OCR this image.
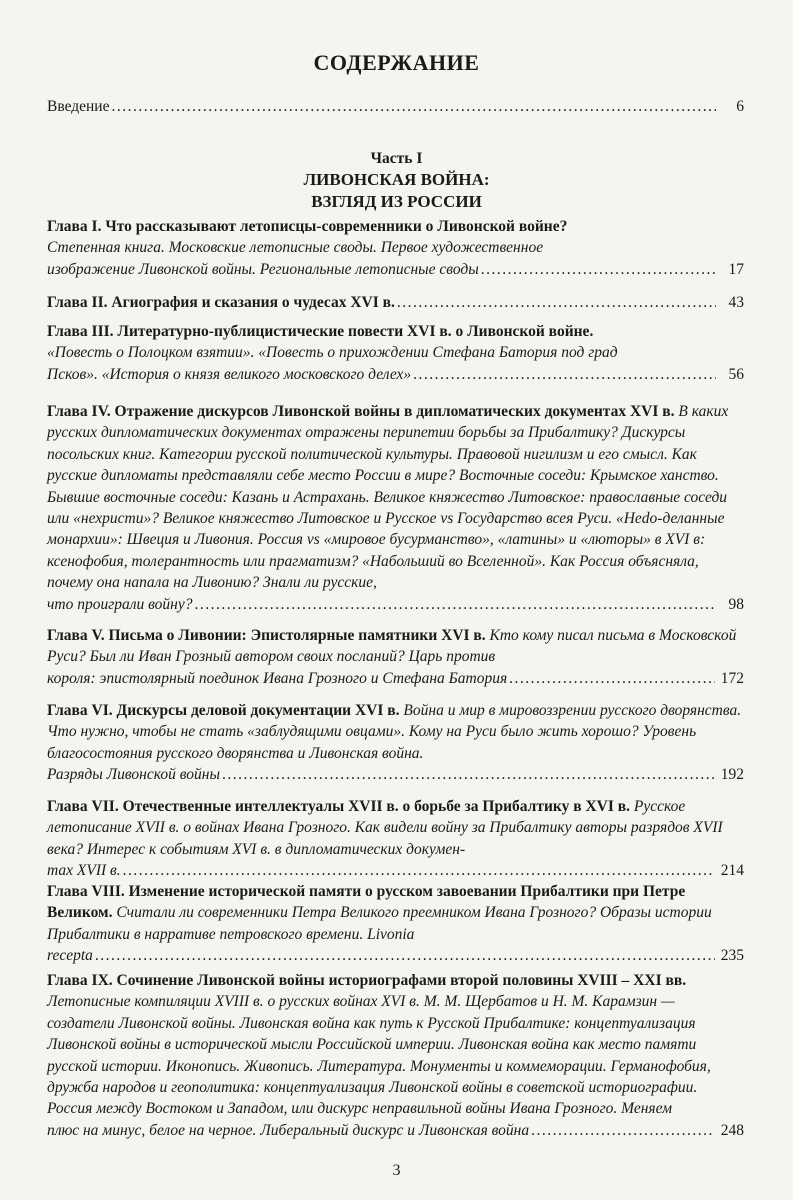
СОДЕРЖАНИЕ
Введение .....	6
Часть I
ЛИВОНСКАЯ ВОЙНА:
ВЗГЛЯД ИЗ РОССИИ
Глава I. Что рассказывают летописцы-современники о Ливонской войне?
Степенная книга. Московские летописные своды. Первое художественное
изображение Ливонской войны. Региональные летописные своды .....	17
Глава II. Агиография и сказания о чудесах XVI в. .....	43
Глава III. Литературно-публицистические повести XVI в. о Ливонской войне.
«Повесть о Полоцком взятии». «Повесть о прихождении Стефана Батория под град
Псков». «История о князя великого московского делех» .....	56
Глава IV. Отражение дискурсов Ливонской войны в дипломатических документах XVI в. В каких русских дипломатических документах отражены перипетии борьбы за Прибалтику? Дискурсы посольских книг. Категории русской политической культуры. Правовой нигилизм и его смысл. Как русские дипломаты представляли себе место России в мире? Восточные соседи: Крымское ханство. Бывшие восточные соседи: Казань и Астрахань. Великое княжество Литовское: православные соседи или «нехристи»? Великое княжество Литовское и Русское vs Государство всея Руси. «Неdo-деланные монархии»: Швеция и Ливония. Россия vs «мировое бусурманство», «латины» и «люторы» в XVI в: ксенофобия, толерантность или прагматизм? «Набольший во Вселенной». Как Россия объясняла, почему она напала на Ливонию? Знали ли русские,
что проиграли войну? .....	98
Глава V. Письма о Ливонии: Эпистолярные памятники XVI в. Кто кому писал письма в Московской Руси? Был ли Иван Грозный автором своих посланий? Царь против
короля: эпистолярный поединок Ивана Грозного и Стефана Батория .....	172
Глава VI. Дискурсы деловой документации XVI в. Война и мир в мировоззрении русского дворянства. Что нужно, чтобы не стать «заблудящими овцами». Кому на Руси было жить хорошо? Уровень благосостояния русского дворянства и Ливонская война.
Разряды Ливонской войны .....	192
Глава VII. Отечественные интеллектуалы XVII в. о борьбе за Прибалтику в XVI в. Русское летописание XVII в. о войнах Ивана Грозного. Как видели войну за Прибалтику авторы разрядов XVII века? Интерес к событиям XVI в. в дипломатических докумен-
тах XVII в. .....	214
Глава VIII. Изменение исторической памяти о русском завоевании Прибалтики при Петре Великом. Считали ли современники Петра Великого преемником Ивана Грозного? Образы истории Прибалтики в нарративе петровского времени. Livonia
recepta .....	235
Глава IX. Сочинение Ливонской войны историографами второй половины XVIII – XXI вв. Летописные компиляции XVIII в. о русских войнах XVI в. М. М. Щербатов и Н. М. Карамзин — создатели Ливонской войны. Ливонская война как путь к Русской Прибалтике: концептуализация Ливонской войны в исторической мысли Российской империи. Ливонская война как место памяти русской истории. Иконопись. Живопись. Литература. Монументы и коммеморации. Германофобия, дружба народов и геополитика: концептуализация Ливонской войны в советской историографии. Россия между Востоком и Западом, или дискурс неправильной войны Ивана Грозного. Меняем
плюс на минус, белое на черное. Либеральный дискурс и Ливонская война .....	248
3
